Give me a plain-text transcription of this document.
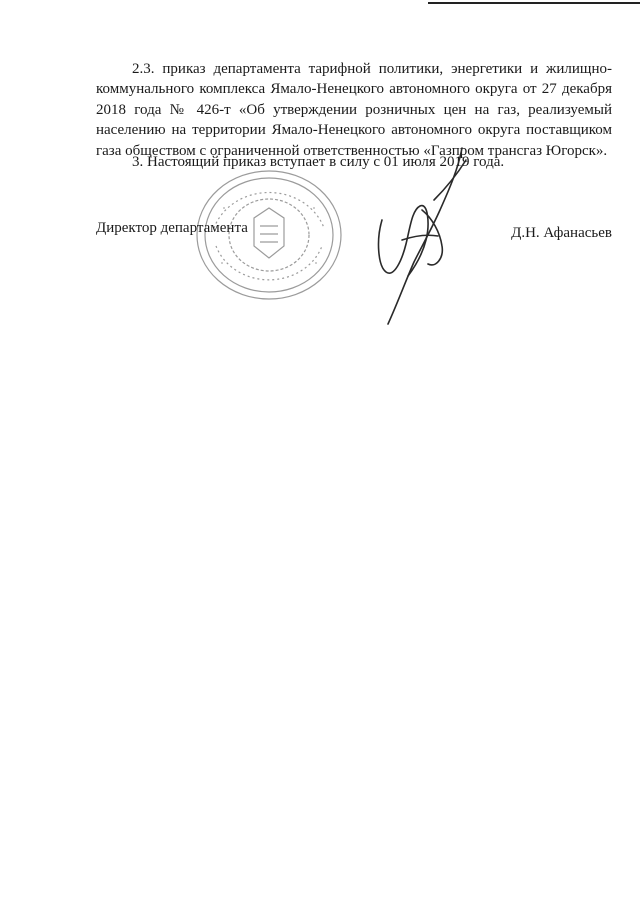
2.3. приказ департамента тарифной политики, энергетики и жилищно-коммунального комплекса Ямало-Ненецкого автономного округа от 27 декабря 2018 года № 426-т «Об утверждении розничных цен на газ, реализуемый населению на территории Ямало-Ненецкого автономного округа поставщиком газа обществом с ограниченной ответственностью «Газпром трансгаз Югорск».

3. Настоящий приказ вступает в силу с 01 июля 2019 года.

Директор департамента	Д.Н. Афанасьев
